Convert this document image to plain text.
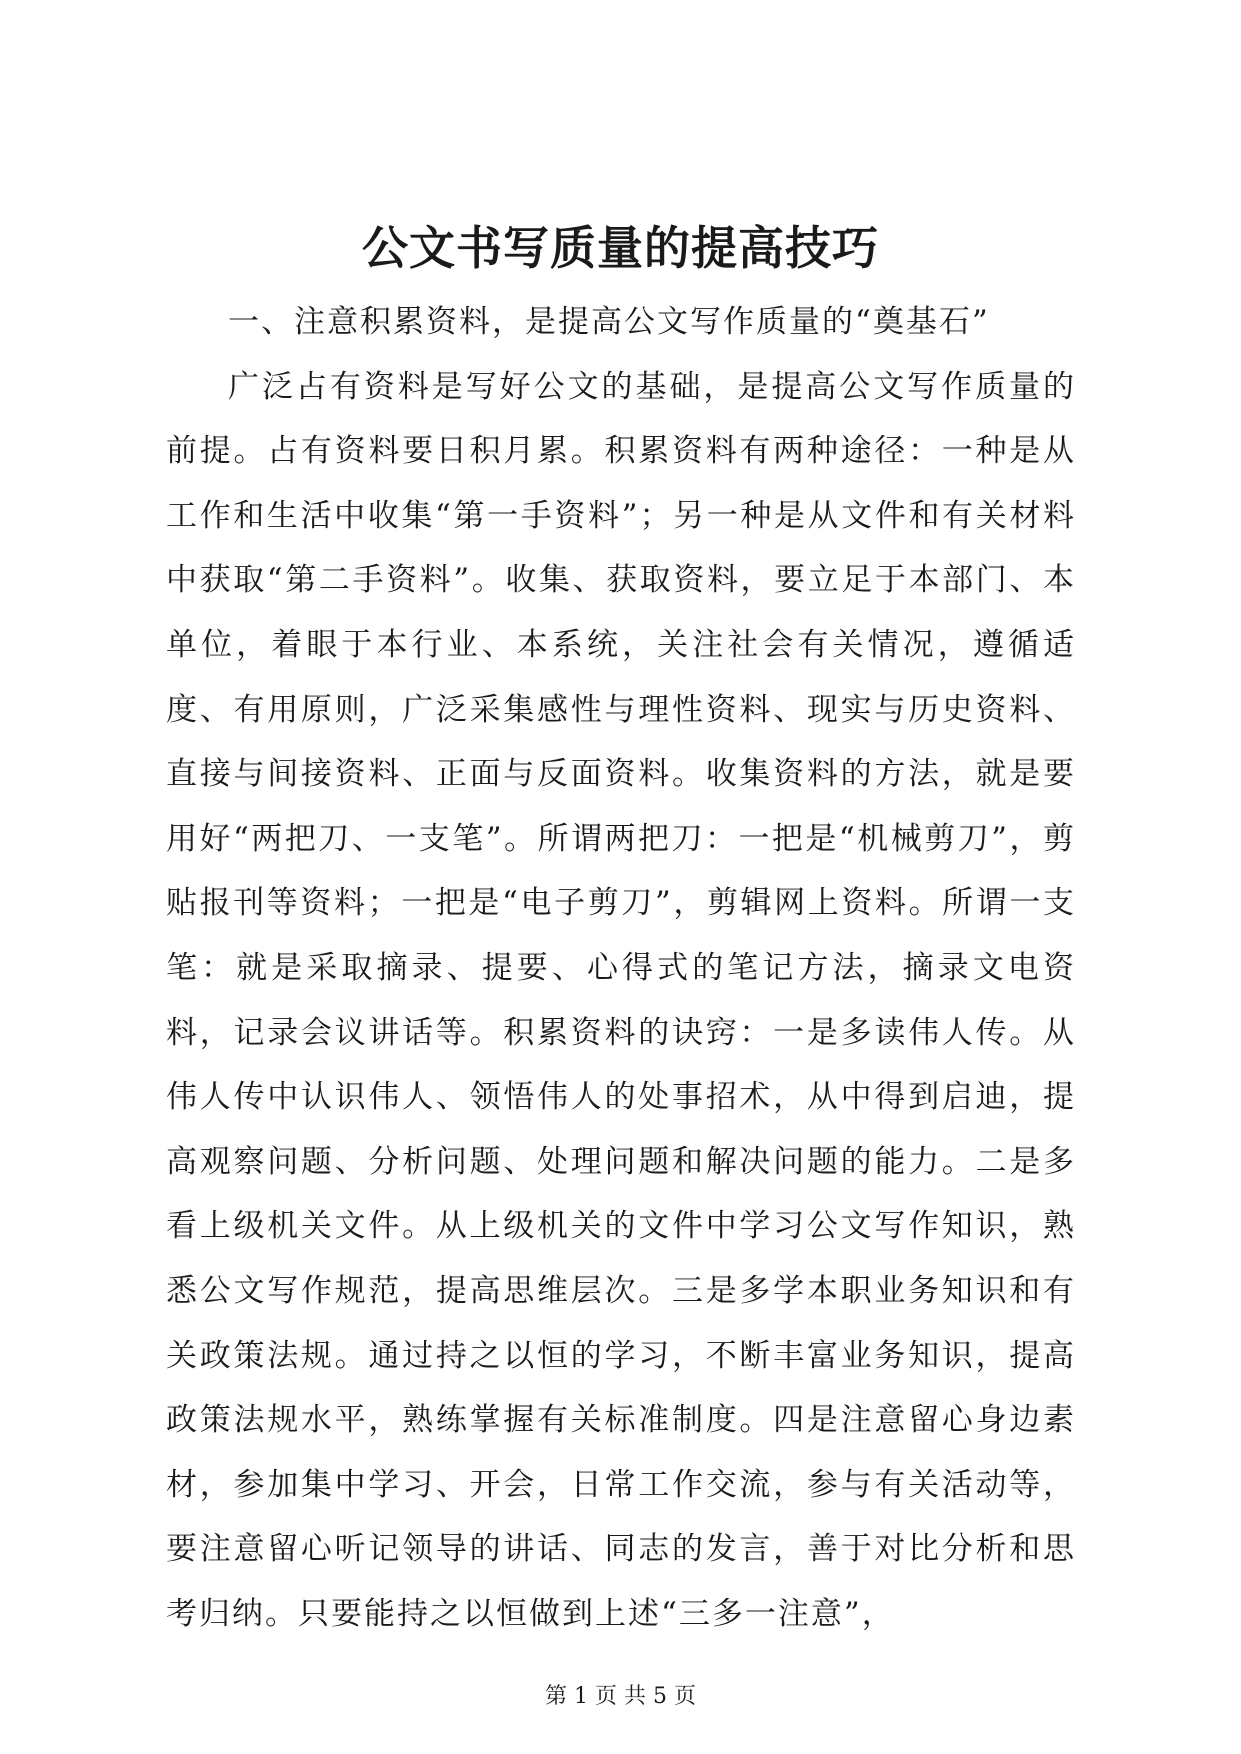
公文书写质量的提高技巧

一、注意积累资料，是提高公文写作质量的“奠基石”

广泛占有资料是写好公文的基础，是提高公文写作质量的前提。占有资料要日积月累。积累资料有两种途径：一种是从工作和生活中收集“第一手资料”；另一种是从文件和有关材料中获取“第二手资料”。收集、获取资料，要立足于本部门、本单位，着眼于本行业、本系统，关注社会有关情况，遵循适度、有用原则，广泛采集感性与理性资料、现实与历史资料、直接与间接资料、正面与反面资料。收集资料的方法，就是要用好“两把刀、一支笔”。所谓两把刀：一把是“机械剪刀”，剪贴报刊等资料；一把是“电子剪刀”，剪辑网上资料。所谓一支笔：就是采取摘录、提要、心得式的笔记方法，摘录文电资料，记录会议讲话等。积累资料的诀窍：一是多读伟人传。从伟人传中认识伟人、领悟伟人的处事招术，从中得到启迪，提高观察问题、分析问题、处理问题和解决问题的能力。二是多看上级机关文件。从上级机关的文件中学习公文写作知识，熟悉公文写作规范，提高思维层次。三是多学本职业务知识和有关政策法规。通过持之以恒的学习，不断丰富业务知识，提高政策法规水平，熟练掌握有关标准制度。四是注意留心身边素材，参加集中学习、开会，日常工作交流，参与有关活动等，要注意留心听记领导的讲话、同志的发言，善于对比分析和思考归纳。只要能持之以恒做到上述“三多一注意”，

第 1 页 共 5 页
